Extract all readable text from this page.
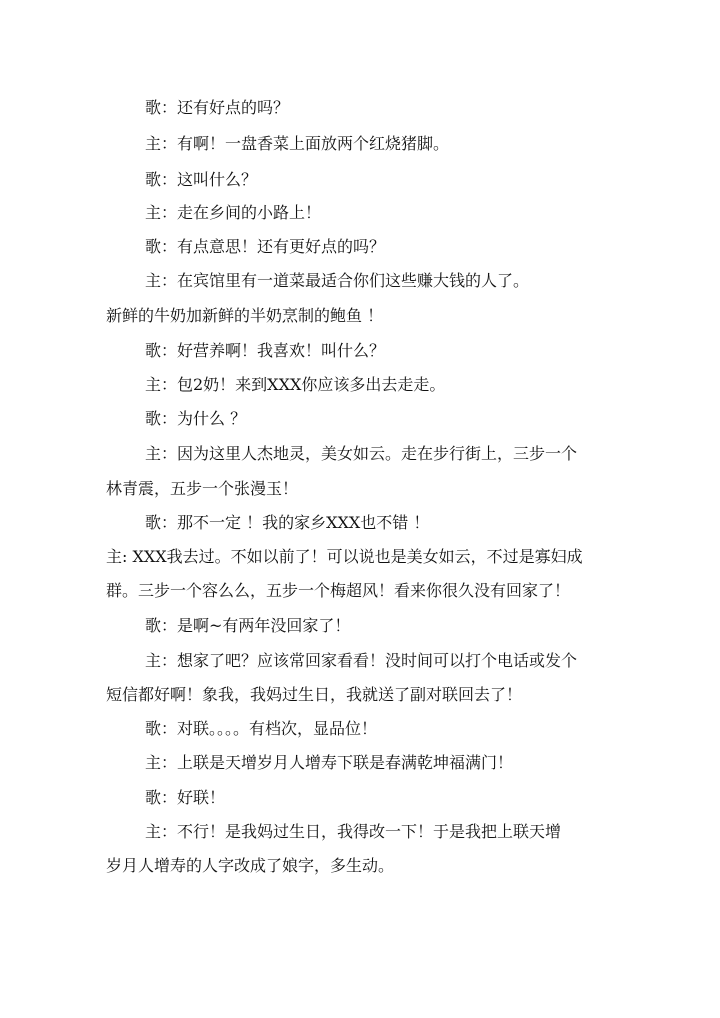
歌：还有好点的吗？
主：有啊！一盘香菜上面放两个红烧猪脚。
歌：这叫什么？
主：走在乡间的小路上！
歌：有点意思！还有更好点的吗？
主：在宾馆里有一道菜最适合你们这些赚大钱的人了。
新鲜的牛奶加新鲜的半奶烹制的鲍鱼 ！
歌：好营养啊！我喜欢！叫什么？
主：包2奶！来到XXX你应该多出去走走。
歌：为什么 ？
主：因为这里人杰地灵，美女如云。走在步行街上，三步一个
林青震，五步一个张漫玉！
歌：那不一定 ！我的家乡XXX也不错 ！
主: XXX我去过。不如以前了！可以说也是美女如云，不过是寡妇成
群。三步一个容么么，五步一个梅超风！看来你很久没有回家了！
歌：是啊~有两年没回家了！
主：想家了吧？应该常回家看看！没时间可以打个电话或发个
短信都好啊！象我，我妈过生日，我就送了副对联回去了！
歌：对联。。。。有档次，显品位！
主：上联是天增岁月人增寿下联是春满乾坤福满门！
歌：好联！
主：不行！是我妈过生日，我得改一下！于是我把上联天增
岁月人增寿的人字改成了娘字，多生动。
